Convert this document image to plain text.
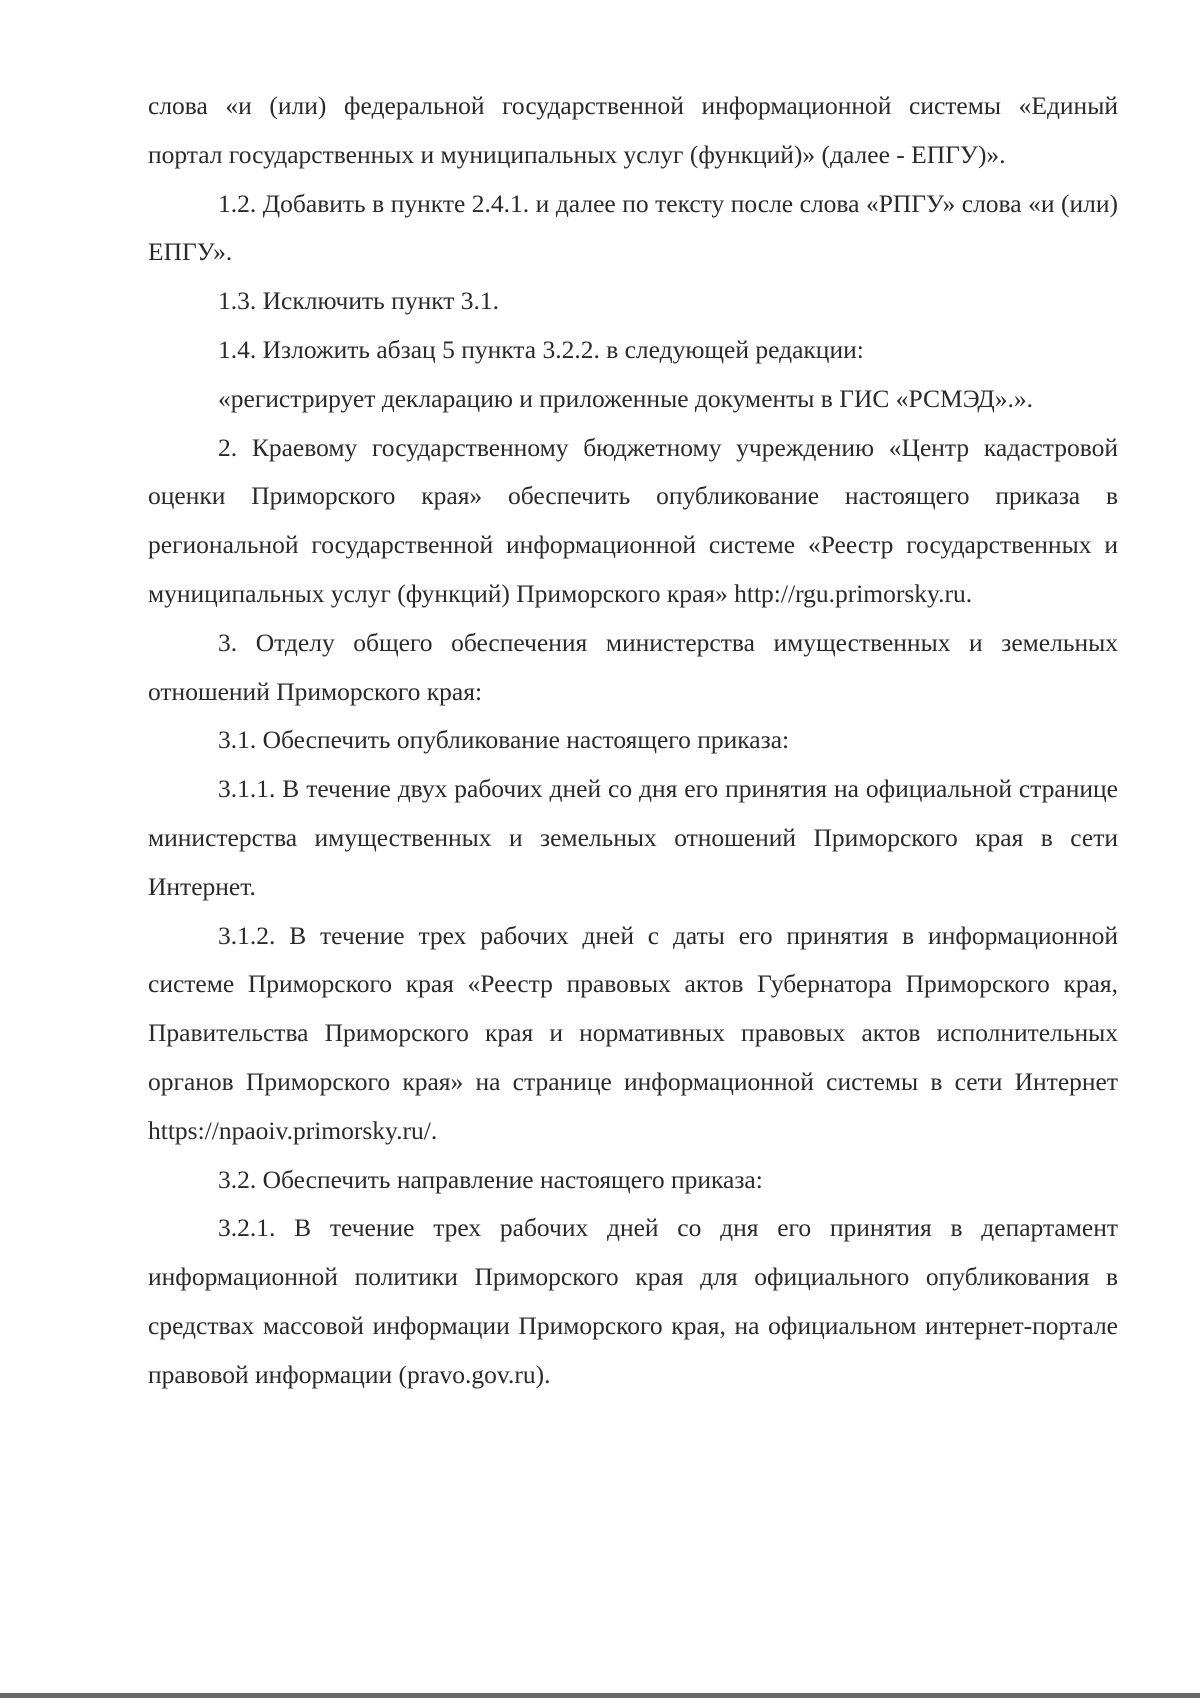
слова «и (или) федеральной государственной информационной системы «Единый портал государственных и муниципальных услуг (функций)» (далее - ЕПГУ)».

1.2. Добавить в пункте 2.4.1. и далее по тексту после слова «РПГУ» слова «и (или) ЕПГУ».

1.3. Исключить пункт 3.1.

1.4. Изложить абзац 5 пункта 3.2.2. в следующей редакции:

«регистрирует декларацию и приложенные документы в ГИС «РСМЭД».».

2. Краевому государственному бюджетному учреждению «Центр кадастровой оценки Приморского края» обеспечить опубликование настоящего приказа в региональной государственной информационной системе «Реестр государственных и муниципальных услуг (функций) Приморского края» http://rgu.primorsky.ru.

3. Отделу общего обеспечения министерства имущественных и земельных отношений Приморского края:

3.1. Обеспечить опубликование настоящего приказа:

3.1.1. В течение двух рабочих дней со дня его принятия на официальной странице министерства имущественных и земельных отношений Приморского края в сети Интернет.

3.1.2. В течение трех рабочих дней с даты его принятия в информационной системе Приморского края «Реестр правовых актов Губернатора Приморского края, Правительства Приморского края и нормативных правовых актов исполнительных органов Приморского края» на странице информационной системы в сети Интернет https://npaoiv.primorsky.ru/.

3.2. Обеспечить направление настоящего приказа:

3.2.1. В течение трех рабочих дней со дня его принятия в департамент информационной политики Приморского края для официального опубликования в средствах массовой информации Приморского края, на официальном интернет-портале правовой информации (pravo.gov.ru).
